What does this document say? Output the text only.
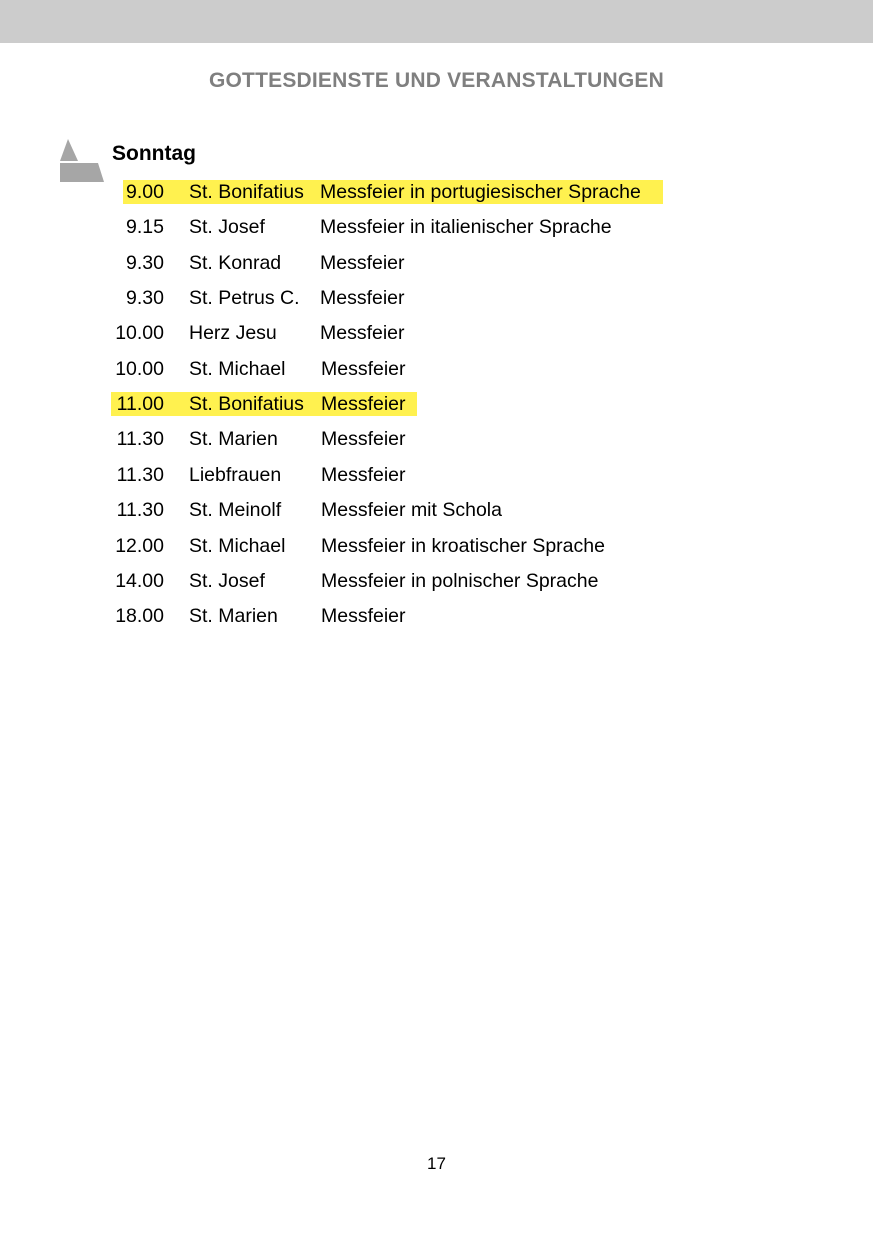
GOTTESDIENSTE UND VERANSTALTUNGEN
Sonntag
9.00 St. Bonifatius Messfeier in portugiesischer Sprache
9.15 St. Josef	Messfeier in italienischer Sprache
9.30 St. Konrad Messfeier
9.30 St. Petrus C. Messfeier
10.00 Herz Jesu Messfeier
10.00 St. Michael Messfeier
11.00 St. Bonifatius Messfeier
11.30 St. Marien Messfeier
11.30 Liebfrauen Messfeier
11.30 St. Meinolf Messfeier mit Schola
12.00 St. Michael Messfeier in kroatischer Sprache
14.00 St. Josef	Messfeier in polnischer Sprache
18.00 St. Marien Messfeier
17
